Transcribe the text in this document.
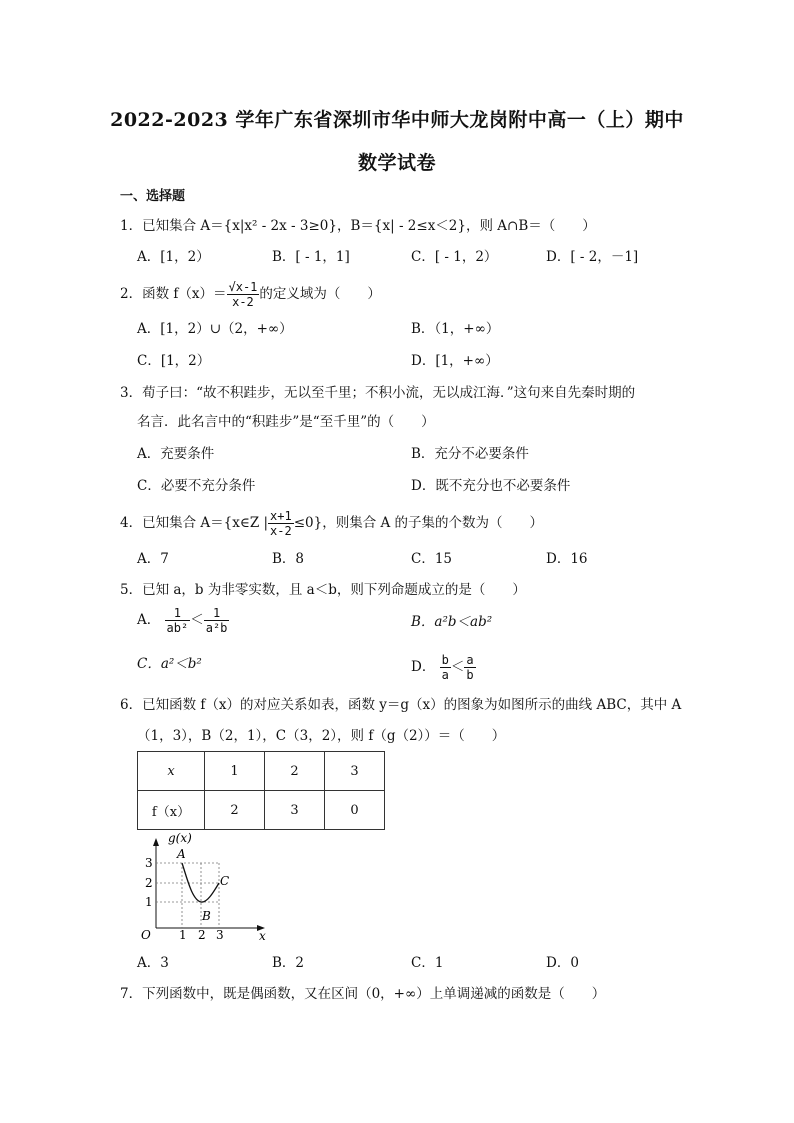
2022-2023 学年广东省深圳市华中师大龙岗附中高一（上）期中
数学试卷
一、选择题
1．已知集合 A＝{x|x² - 2x - 3≥0}，B＝{x| - 2≤x＜2}，则 A∩B＝（　　）
A．[1，2）	B．[ - 1，1]	C．[ - 1，2）	D．[ - 2，－1]
2．函数 $f(x)= \frac{√x-1}{x-2}$ 的定义域为（　　）
A．[1，2）∪（2，+∞）	B．（1，+∞）
C．[1，2）	D．[1，+∞）
3．荀子曰：“故不积跬步，无以至千里；不积小流，无以成江海．”这句来自先秦时期的
名言．此名言中的“积跬步”是“至千里”的（　　）
A．充要条件	B．充分不必要条件
C．必要不充分条件	D．既不充分也不必要条件
4．已知集合 A＝{x∈Z | $\frac{x+1}{x-2} \le 0$}，则集合 A 的子集的个数为（　　）
A．7	B．8	C．15	D．16
5．已知 a，b 为非零实数，且 a＜b，则下列命题成立的是（　　）
A． $\frac{1}{\text{ab²}} < \frac{1}{\text{a²b}}$	B．a²b＜ab²
C．a²＜b²	D． $\frac{b}{a} < \frac{a}{b}$
6．已知函数 f（x）的对应关系如表，函数 y＝g（x）的图象为如图所示的曲线 ABC，其中 A
（1，3），B（2，1），C（3，2），则 f（g（2））＝（　　）
x	1	2	3
f（x）	2	3	0
g(x)
x
O
A
B
C
1 2 3
1
2
3
A．3	B．2	C．1	D．0
7．下列函数中，既是偶函数，又在区间（0，+∞）上单调递减的函数是（　　）
